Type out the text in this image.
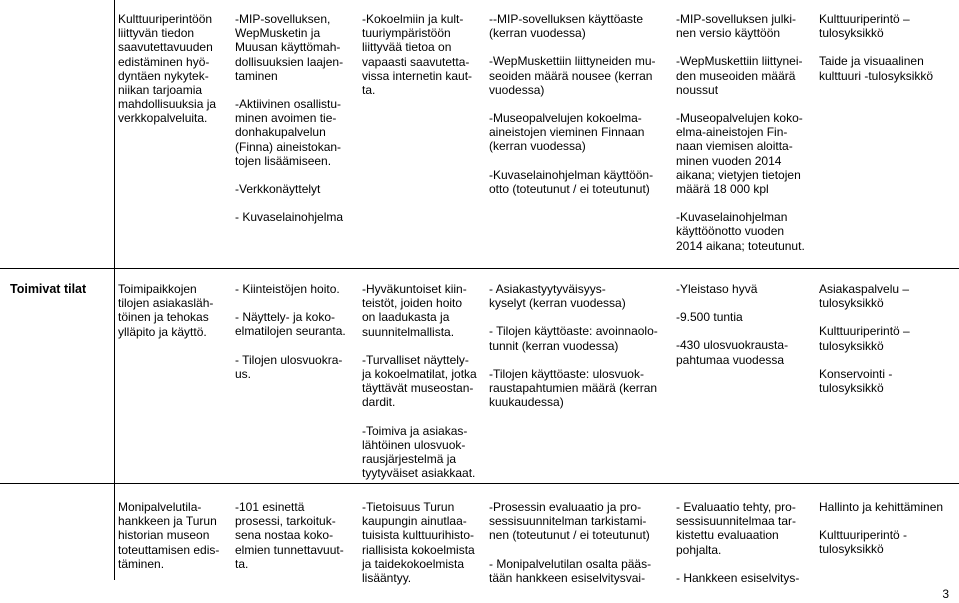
Kulttuuriperintöön
liittyvän tiedon
saavutettavuuden
edistäminen hyö-
dyntäen nykytek-
niikan tarjoamia
mahdollisuuksia ja
verkkopalveluita.

-MIP-sovelluksen,
WepMusketin ja
Muusan käyttömah-
dollisuuksien laajen-
taminen

-Aktiivinen osallistu-
minen avoimen tie-
donhakupalvelun
(Finna) aineistokan-
tojen lisäämiseen.

-Verkkonäyttelyt

- Kuvaselainohjelma

-Kokoelmiin ja kult-
tuuriympäristöön
liittyvää tietoa on
vapaasti saavutetta-
vissa internetin kaut-
ta.

--MIP-sovelluksen käyttöaste
(kerran vuodessa)

-WepMuskettiin liittyneiden mu-
seoiden määrä nousee (kerran
vuodessa)

-Museopalvelujen kokoelma-
aineistojen vieminen Finnaan
(kerran vuodessa)

-Kuvaselainohjelman käyttöön-
otto (toteutunut / ei toteutunut)

-MIP-sovelluksen julki-
nen versio käyttöön

-WepMuskettiin liittynei-
den museoiden määrä
noussut

-Museopalvelujen koko-
elma-aineistojen Fin-
naan viemisen aloitta-
minen vuoden 2014
aikana; vietyjen tietojen
määrä 18 000 kpl

-Kuvaselainohjelman
käyttöönotto vuoden
2014 aikana; toteutunut.

Kulttuuriperintö –
tulosyksikkö

Taide ja visuaalinen
kulttuuri -tulosyksikkö

Toimivat tilat	Toimipaikkojen
tilojen asiakasläh-
töinen ja tehokas
ylläpito ja käyttö.

- Kiinteistöjen hoito.

- Näyttely- ja koko-
elmatilojen seuranta.

- Tilojen ulosvuokra-
us.

-Hyväkuntoiset kiin-
teistöt, joiden hoito
on laadukasta ja
suunnitelmallista.

-Turvalliset näyttely-
ja kokoelmatilat, jotka
täyttävät museostan-
dardit.

-Toimiva ja asiakas-
lähtöinen ulosvuok-
rausjärjestelmä ja
tyytyväiset asiakkaat.

- Asiakastyytyväisyys-
kyselyt (kerran vuodessa)

- Tilojen käyttöaste: avoinnaolo-
tunnit (kerran vuodessa)

-Tilojen käyttöaste: ulosvuok-
raustapahtumien määrä (kerran
kuukaudessa)

-Yleistaso hyvä

-9.500 tuntia

-430 ulosvuokrausta-
pahtumaa vuodessa

Asiakaspalvelu –
tulosyksikkö

Kulttuuriperintö –
tulosyksikkö

Konservointi -
tulosyksikkö

Monipalvelutila-
hankkeen ja Turun
historian museon
toteuttamisen edis-
täminen.

-101 esinettä
prosessi, tarkoituk-
sena nostaa koko-
elmien tunnettavuut-
ta.

-Tietoisuus Turun
kaupungin ainutlaa-
tuisista kulttuurihisto-
riallisista kokoelmista
ja taidekokoelmista
lisääntyy.

-Prosessin evaluaatio ja pro-
sessisuunnitelman tarkistami-
nen (toteutunut / ei toteutunut)

- Monipalvelutilan osalta pääs-
tään hankkeen esiselvitysvai-

- Evaluaatio tehty, pro-
sessisuunnitelmaa tar-
kistettu evaluaation
pohjalta.

- Hankkeen esiselvitys-

Hallinto ja kehittäminen

Kulttuuriperintö -
tulosyksikkö

3
